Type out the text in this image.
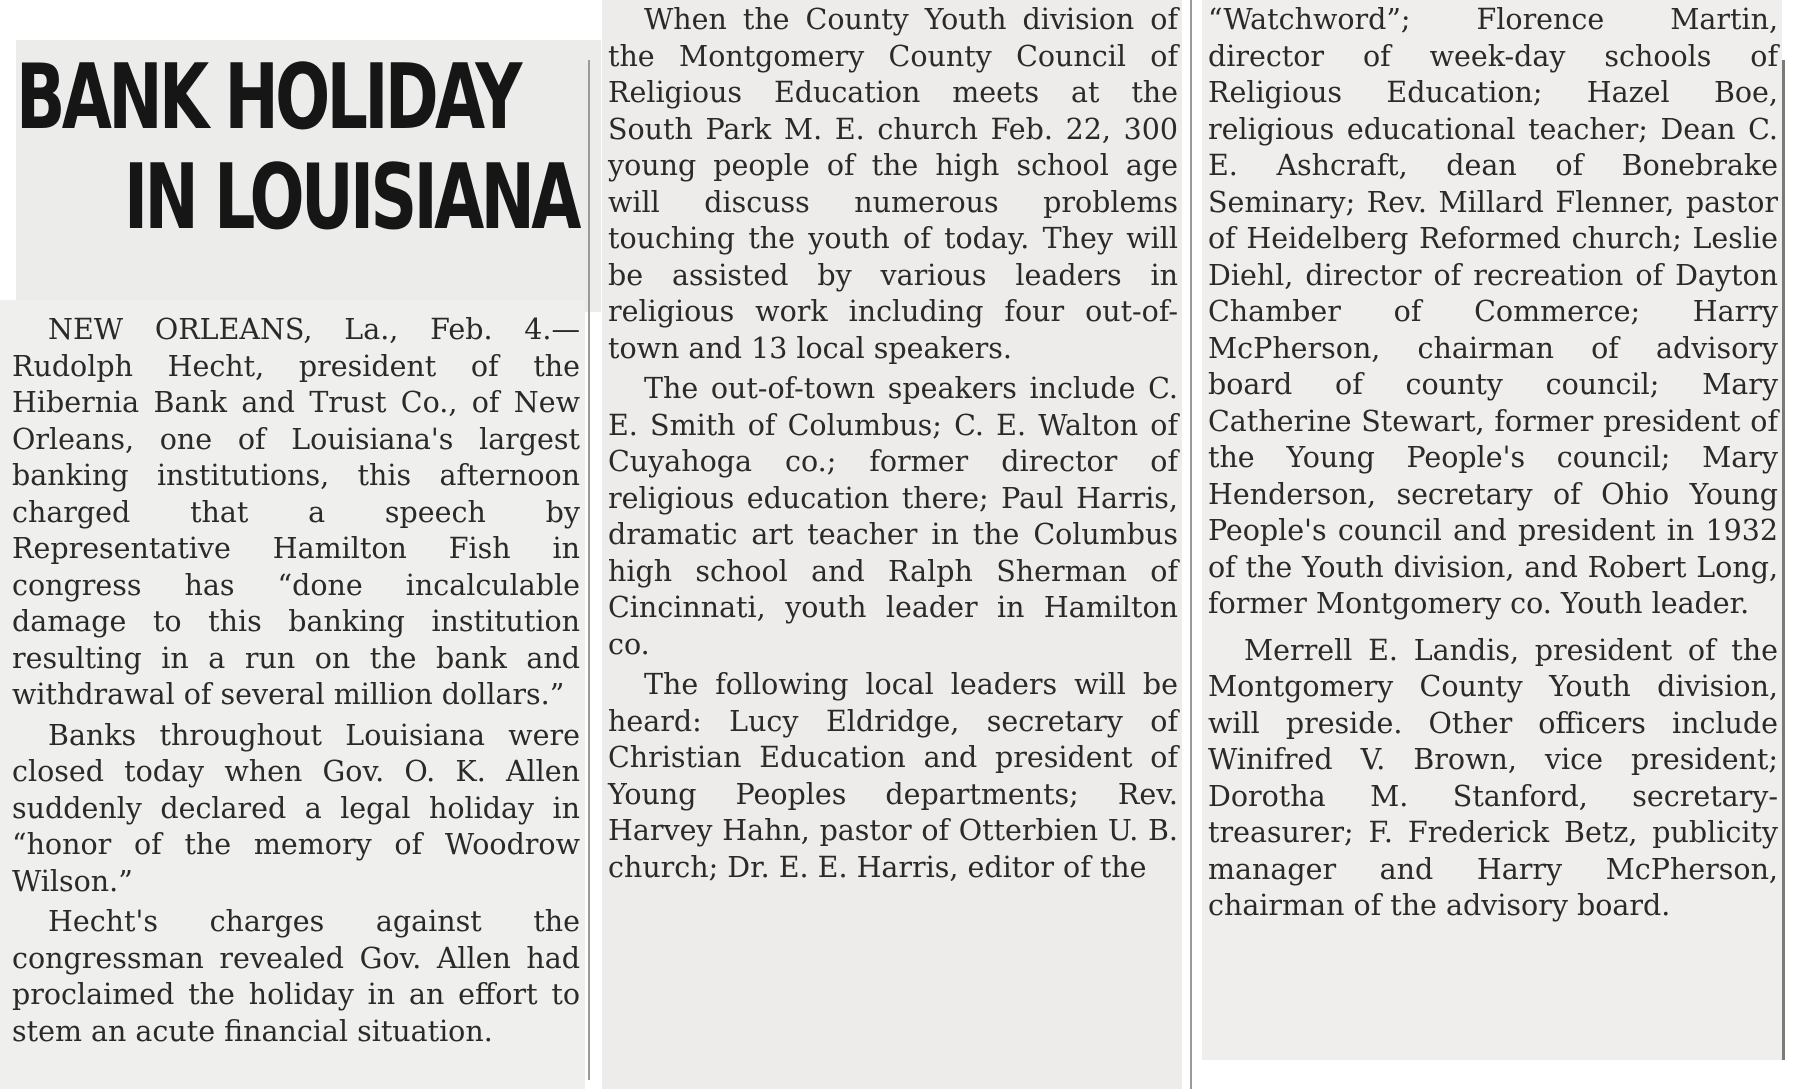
BANK HOLIDAY
IN LOUISIANA

NEW ORLEANS, La., Feb. 4.—Rudolph Hecht, president of the Hibernia Bank and Trust Co., of New Orleans, one of Louisiana's largest banking institutions, this afternoon charged that a speech by Representative Hamilton Fish in congress has “done incalculable damage to this banking institution resulting in a run on the bank and withdrawal of several million dollars.”

Banks throughout Louisiana were closed today when Gov. O. K. Allen suddenly declared a legal holiday in “honor of the memory of Woodrow Wilson.”

Hecht's charges against the congressman revealed Gov. Allen had proclaimed the holiday in an effort to stem an acute financial situation.

When the County Youth division of the Montgomery County Council of Religious Education meets at the South Park M. E. church Feb. 22, 300 young people of the high school age will discuss numerous problems touching the youth of today. They will be assisted by various leaders in religious work including four out-of-town and 13 local speakers.

The out-of-town speakers include C. E. Smith of Columbus; C. E. Walton of Cuyahoga co.; former director of religious education there; Paul Harris, dramatic art teacher in the Columbus high school and Ralph Sherman of Cincinnati, youth leader in Hamilton co.

The following local leaders will be heard: Lucy Eldridge, secretary of Christian Education and president of Young Peoples departments; Rev. Harvey Hahn, pastor of Otterbien U. B. church; Dr. E. E. Harris, editor of the

“Watchword”; Florence Martin, director of week-day schools of Religious Education; Hazel Boe, religious educational teacher; Dean C. E. Ashcraft, dean of Bonebrake Seminary; Rev. Millard Flenner, pastor of Heidelberg Reformed church; Leslie Diehl, director of recreation of Dayton Chamber of Commerce; Harry McPherson, chairman of advisory board of county council; Mary Catherine Stewart, former president of the Young People's council; Mary Henderson, secretary of Ohio Young People's council and president in 1932 of the Youth division, and Robert Long, former Montgomery co. Youth leader.

Merrell E. Landis, president of the Montgomery County Youth division, will preside. Other officers include Winifred V. Brown, vice president; Dorotha M. Stanford, secretary-treasurer; F. Frederick Betz, publicity manager and Harry McPherson, chairman of the advisory board.
